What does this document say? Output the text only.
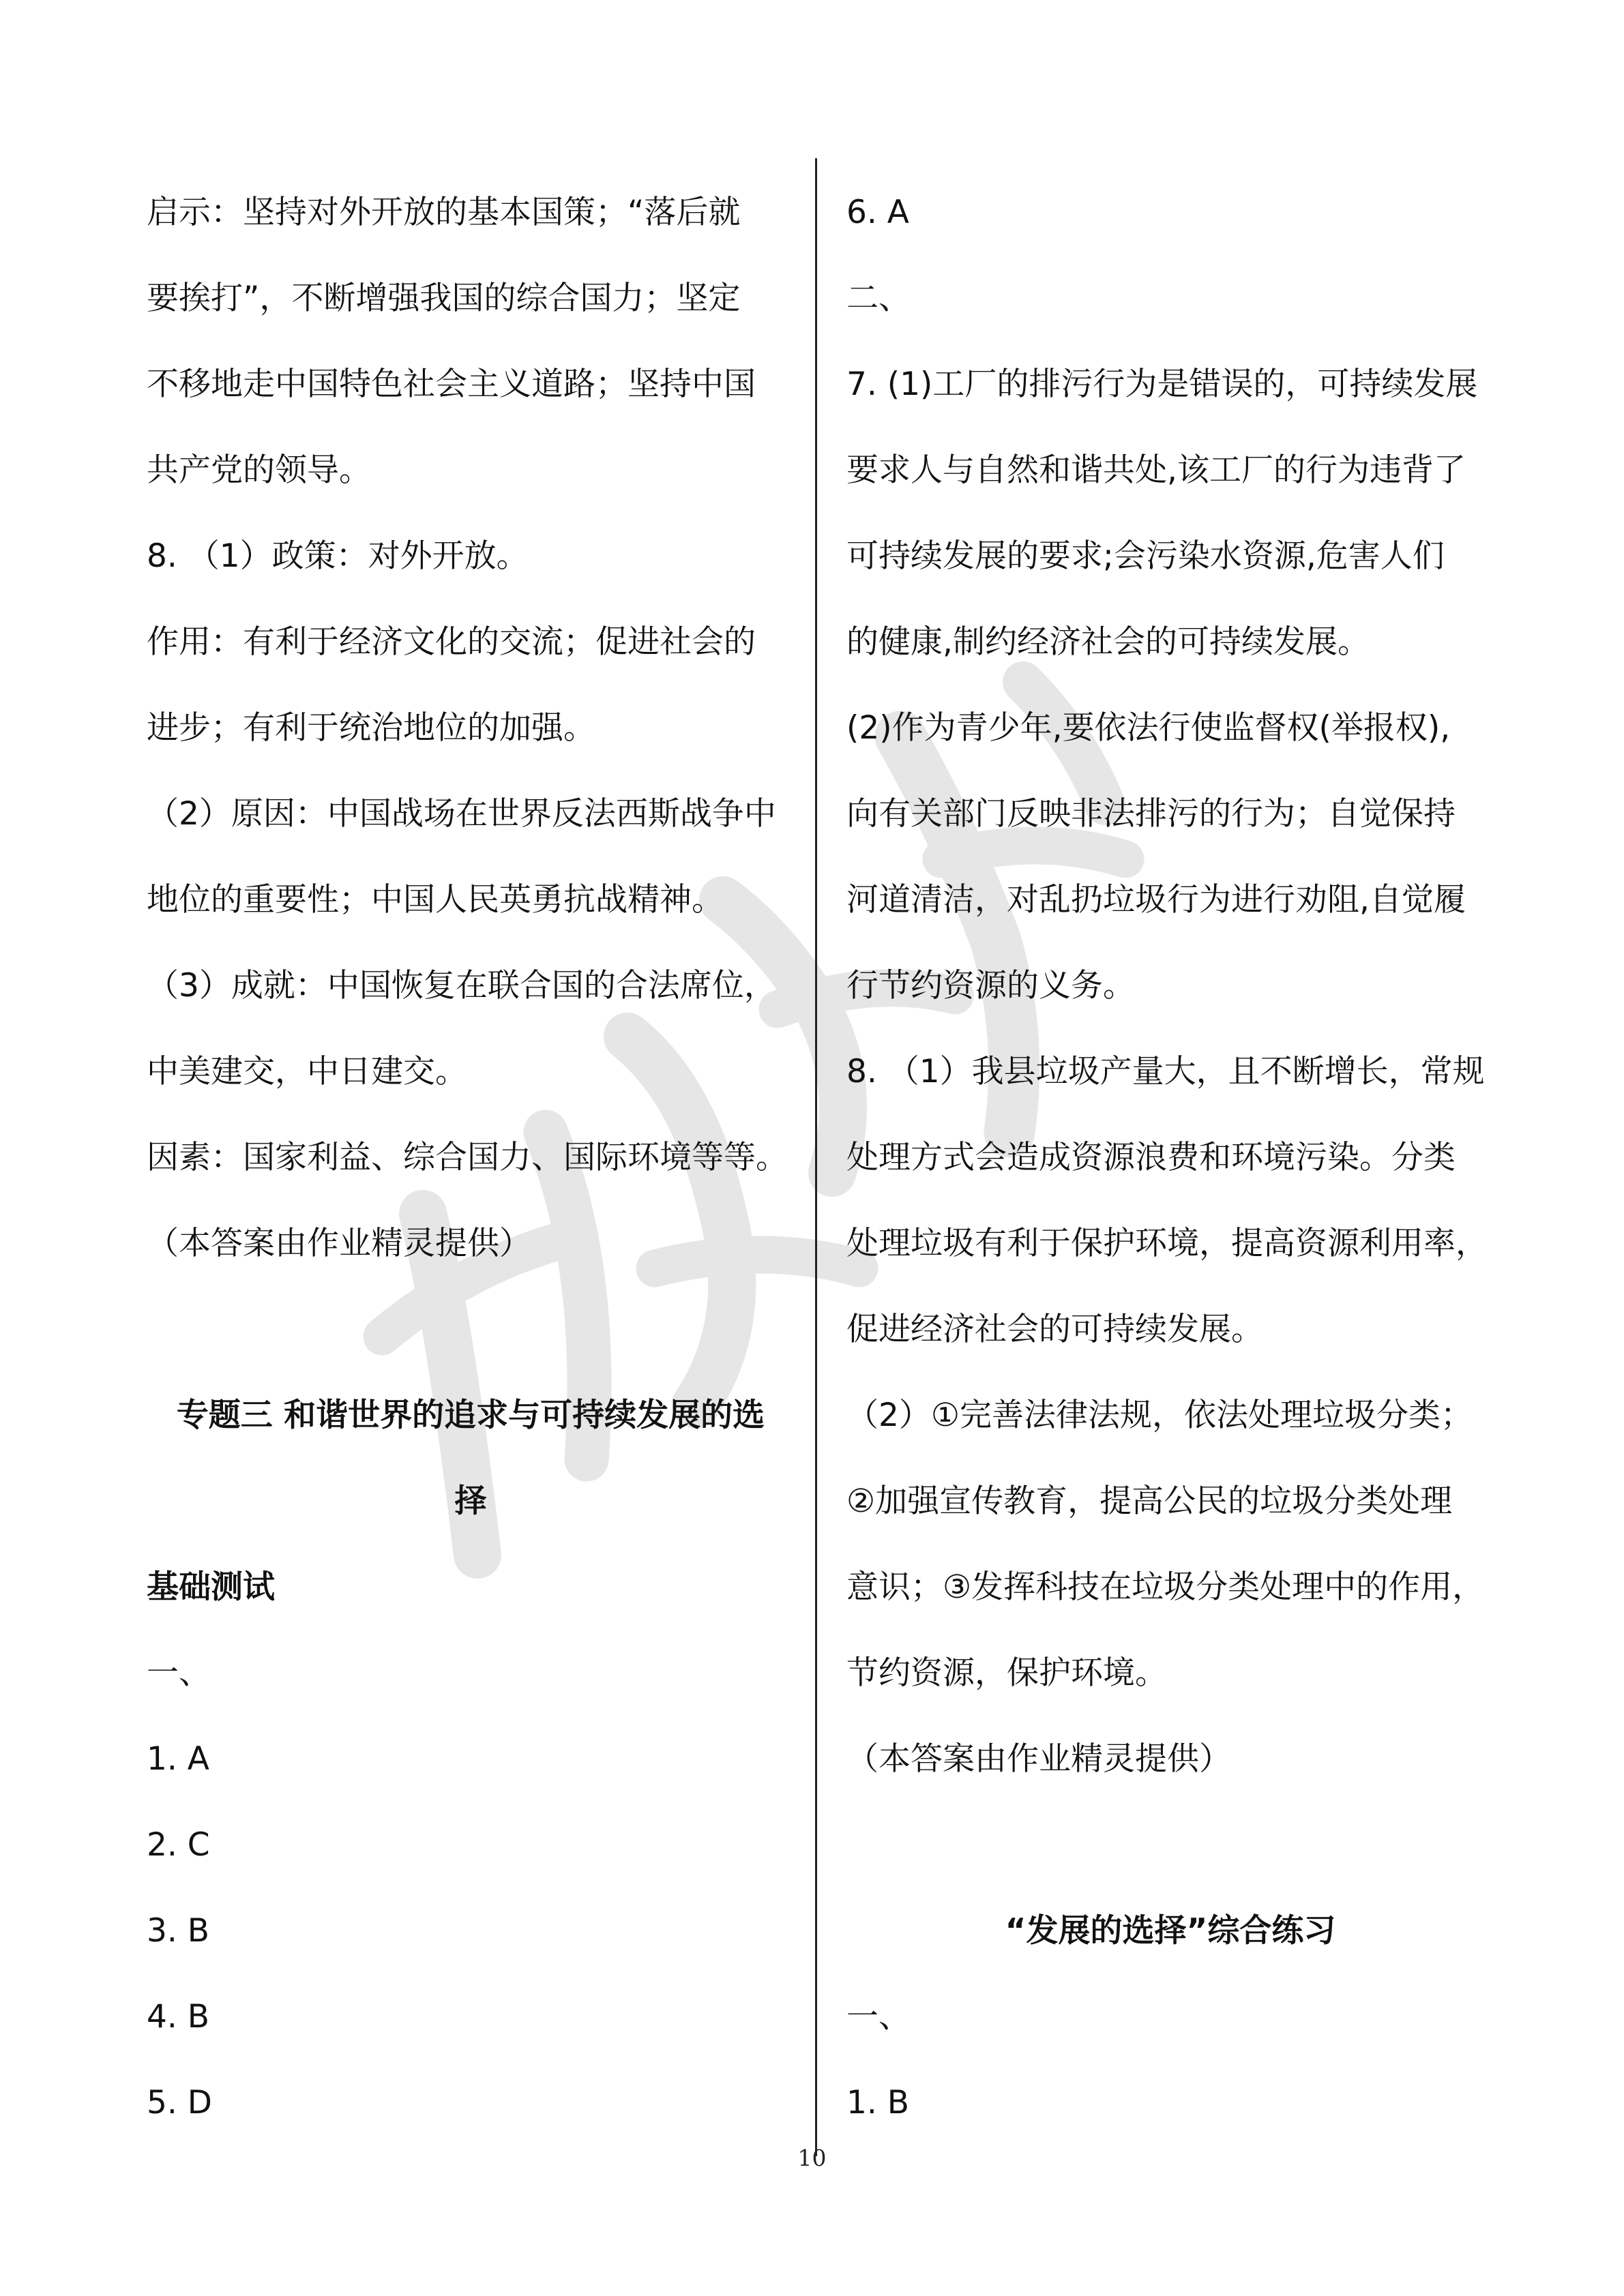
启示：坚持对外开放的基本国策；“落后就
要挨打”，不断增强我国的综合国力；坚定
不移地走中国特色社会主义道路；坚持中国
共产党的领导。
8. （1）政策：对外开放。
作用：有利于经济文化的交流；促进社会的
进步；有利于统治地位的加强。
（2）原因：中国战场在世界反法西斯战争中
地位的重要性；中国人民英勇抗战精神。
（3）成就：中国恢复在联合国的合法席位，
中美建交，中日建交。
因素：国家利益、综合国力、国际环境等等。
（本答案由作业精灵提供）
专题三 和谐世界的追求与可持续发展的选
择
基础测试
一、
1. A
2. C
3. B
4. B
5. D
6. A
二、
7. (1)工厂的排污行为是错误的，可持续发展
要求人与自然和谐共处,该工厂的行为违背了
可持续发展的要求;会污染水资源,危害人们
的健康,制约经济社会的可持续发展。
(2)作为青少年,要依法行使监督权(举报权),
向有关部门反映非法排污的行为；自觉保持
河道清洁，对乱扔垃圾行为进行劝阻,自觉履
行节约资源的义务。
8. （1）我县垃圾产量大，且不断增长，常规
处理方式会造成资源浪费和环境污染。分类
处理垃圾有利于保护环境，提高资源利用率，
促进经济社会的可持续发展。
（2）①完善法律法规，依法处理垃圾分类；
②加强宣传教育，提高公民的垃圾分类处理
意识；③发挥科技在垃圾分类处理中的作用，
节约资源，保护环境。
（本答案由作业精灵提供）
“发展的选择”综合练习
一、
1. B
10
